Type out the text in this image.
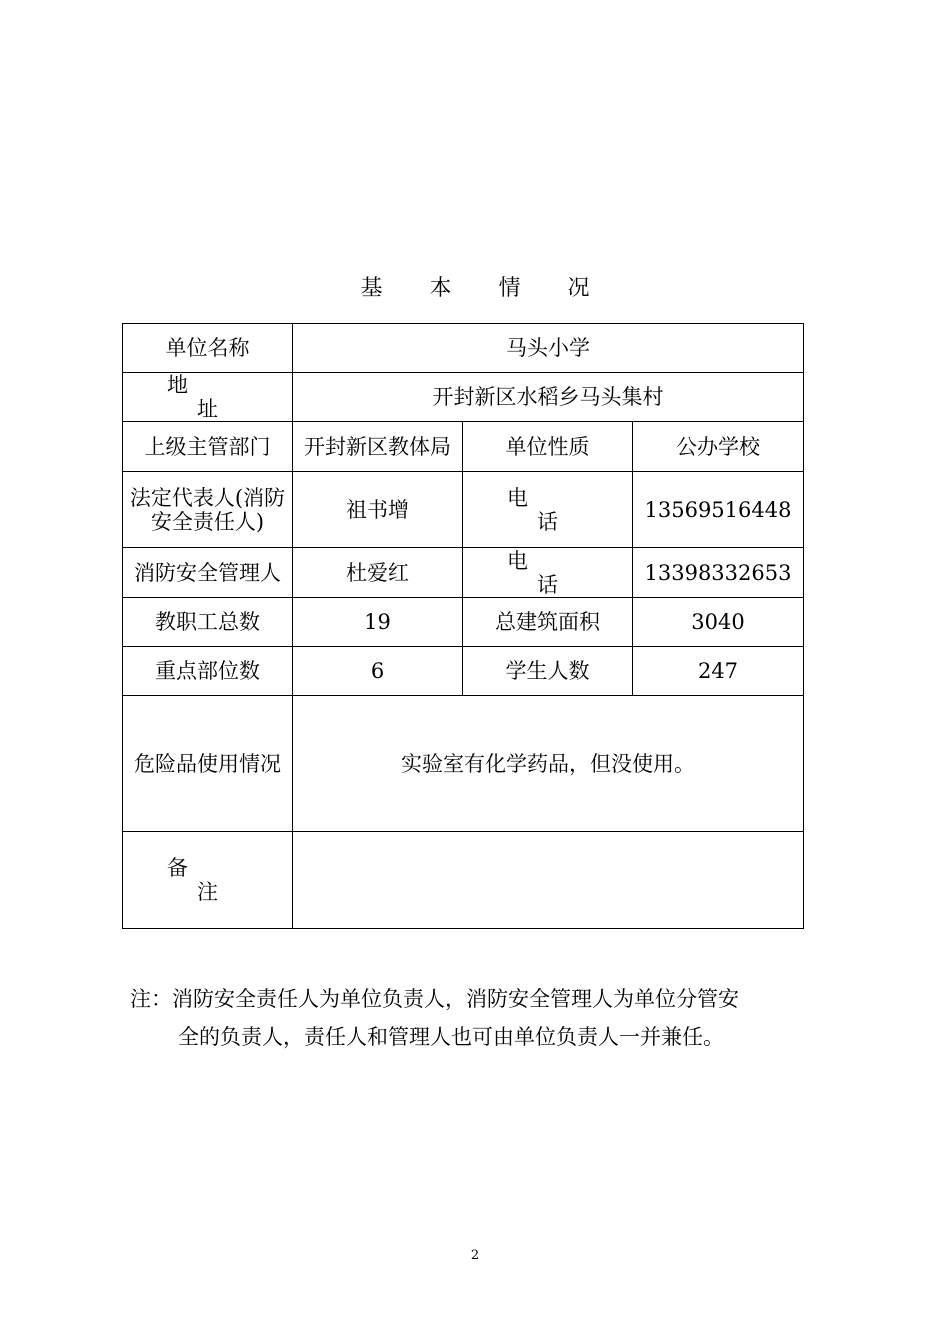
基 本 情 况
单位名称	马头小学		
地址	开封新区水稻乡马头集村		
上级主管部门	开封新区教体局	单位性质	公办学校
法定代表人(消防安全责任人)	祖书增	电话	13569516448
消防安全管理人	杜爱红	电话	13398332653
教职工总数	19	总建筑面积	3040
重点部位数	6	学生人数	247
危险品使用情况	实验室有化学药品，但没使用。		
备注			
注：消防安全责任人为单位负责人，消防安全管理人为单位分管安
全的负责人，责任人和管理人也可由单位负责人一并兼任。
2
